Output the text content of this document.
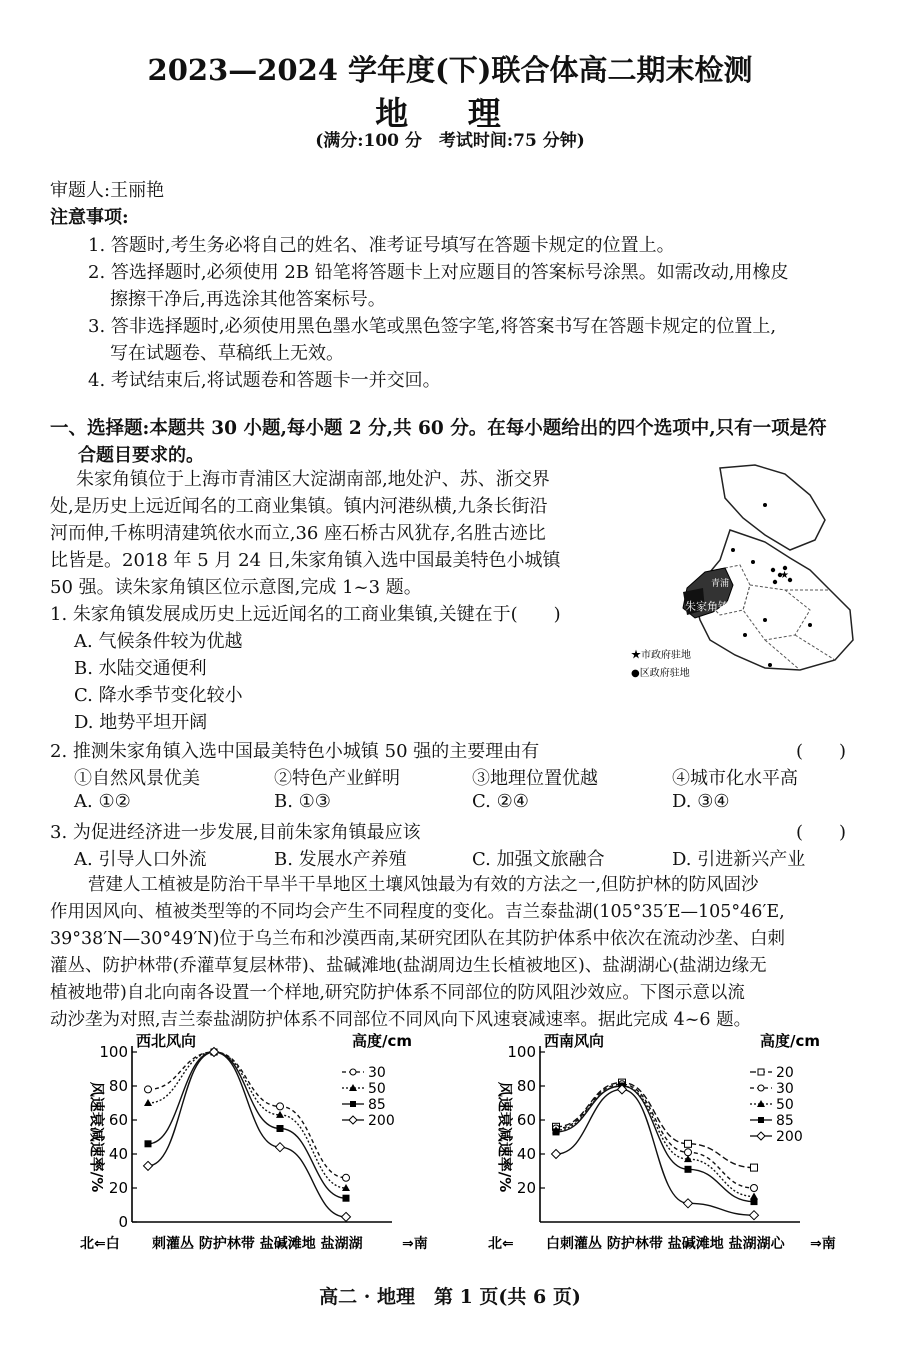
2023—2024 学年度(下)联合体高二期末检测
地 理
(满分:100 分　考试时间:75 分钟)
审题人:王丽艳
注意事项:
1. 答题时,考生务必将自己的姓名、准考证号填写在答题卡规定的位置上。
2. 答选择题时,必须使用 2B 铅笔将答题卡上对应题目的答案标号涂黑。如需改动,用橡皮
擦擦干净后,再选涂其他答案标号。
3. 答非选择题时,必须使用黑色墨水笔或黑色签字笔,将答案书写在答题卡规定的位置上,
写在试题卷、草稿纸上无效。
4. 考试结束后,将试题卷和答题卡一并交回。
一、选择题:本题共 30 小题,每小题 2 分,共 60 分。在每小题给出的四个选项中,只有一项是符
合题目要求的。
朱家角镇位于上海市青浦区大淀湖南部,地处沪、苏、浙交界
处,是历史上远近闻名的工商业集镇。镇内河港纵横,九条长街沿
河而伸,千栋明清建筑依水而立,36 座石桥古风犹存,名胜古迹比
比皆是。2018 年 5 月 24 日,朱家角镇入选中国最美特色小城镇
50 强。读朱家角镇区位示意图,完成 1~3 题。
朱家角镇
青浦
★
★市政府驻地
●区政府驻地
1. 朱家角镇发展成历史上远近闻名的工商业集镇,关键在于(　　)
A. 气候条件较为优越
B. 水陆交通便利
C. 降水季节变化较小
D. 地势平坦开阔
2. 推测朱家角镇入选中国最美特色小城镇 50 强的主要理由有	(　　)
①自然风景优美	②特色产业鲜明	③地理位置优越	④城市化水平高
A. ①②	B. ①③	C. ②④	D. ③④
3. 为促进经济进一步发展,目前朱家角镇最应该	(　　)
A. 引导人口外流	B. 发展水产养殖	C. 加强文旅融合	D. 引进新兴产业
营建人工植被是防治干旱半干旱地区土壤风蚀最为有效的方法之一,但防护林的防风固沙
作用因风向、植被类型等的不同均会产生不同程度的变化。吉兰泰盐湖(105°35′E—105°46′E,
39°38′N—30°49′N)位于乌兰布和沙漠西南,某研究团队在其防护体系中依次在流动沙垄、白刺
灌丛、防护林带(乔灌草复层林带)、盐碱滩地(盐湖周边生长植被地区)、盐湖湖心(盐湖边缘无
植被地带)自北向南各设置一个样地,研究防护体系不同部位的防风阻沙效应。下图示意以流
动沙垄为对照,吉兰泰盐湖防护体系不同部位不同风向下风速衰减速率。据此完成 4~6 题。
0
20
40
60
80
100
风速衰减速率/%
西北风向	高度/cm
北⇐白 刺灌丛 防护林带 盐碱滩地 盐湖湖	⇒南
30
50
85
200
20
40
60
80
100
风速衰减速率/%
西南风向	高度/cm
北⇐ 白刺灌丛 防护林带 盐碱滩地 盐湖湖心 ⇒南
20
30
50
85
200
高二 · 地理　第 1 页(共 6 页)
